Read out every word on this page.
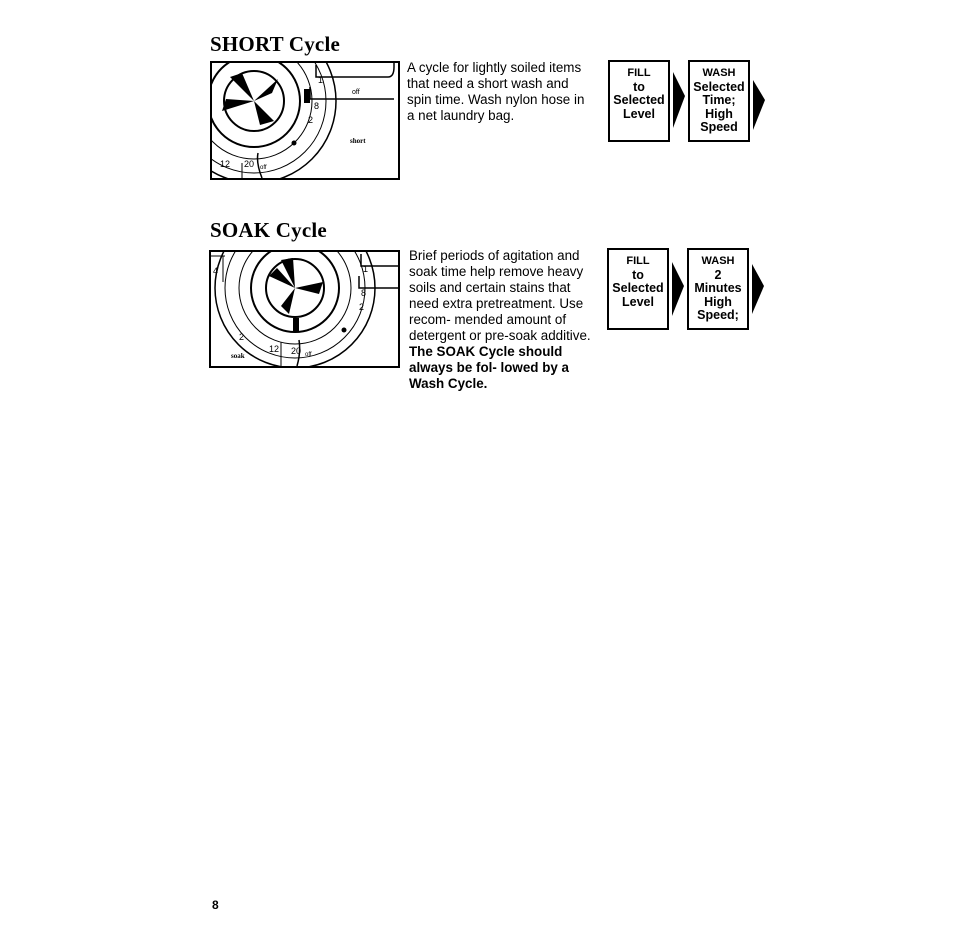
SHORT Cycle
1
off
8
2
short
12 20 off

A cycle for lightly soiled items that need a short wash and spin time. Wash nylon hose in a net laundry bag.

FILL
to
Selected
Level
WASH
Selected
Time;
High
Speed
SOAK Cycle
1
8
2
2
4
soak
12 20 off

Brief periods of agitation and soak time help remove heavy soils and certain stains that need extra pretreatment. Use recom- mended amount of detergent or pre-soak additive. The SOAK Cycle should always be fol- lowed by a Wash Cycle.

FILL
to
Selected
Level
WASH
2
Minutes
High
Speed;

8
